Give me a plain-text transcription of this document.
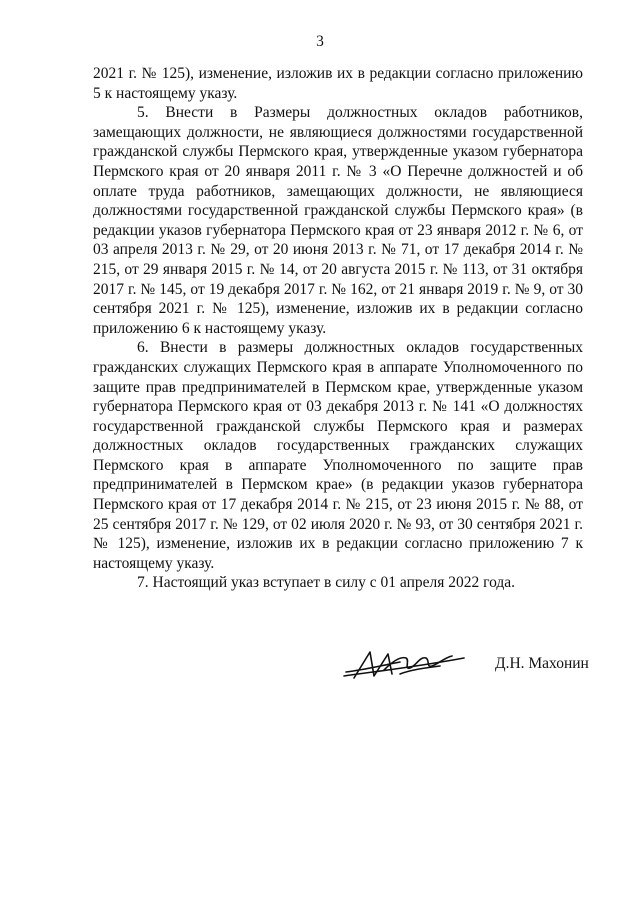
3

2021 г. № 125), изменение, изложив их в редакции согласно приложению 5 к настоящему указу.

5. Внести в Размеры должностных окладов работников, замещающих должности, не являющиеся должностями государственной гражданской службы Пермского края, утвержденные указом губернатора Пермского края от 20 января 2011 г. № 3 «О Перечне должностей и об оплате труда работников, замещающих должности, не являющиеся должностями государственной гражданской службы Пермского края» (в редакции указов губернатора Пермского края от 23 января 2012 г. № 6, от 03 апреля 2013 г. № 29, от 20 июня 2013 г. № 71, от 17 декабря 2014 г. № 215, от 29 января 2015 г. № 14, от 20 августа 2015 г. № 113, от 31 октября 2017 г. № 145, от 19 декабря 2017 г. № 162, от 21 января 2019 г. № 9, от 30 сентября 2021 г. № 125), изменение, изложив их в редакции согласно приложению 6 к настоящему указу.

6. Внести в размеры должностных окладов государственных гражданских служащих Пермского края в аппарате Уполномоченного по защите прав предпринимателей в Пермском крае, утвержденные указом губернатора Пермского края от 03 декабря 2013 г. № 141 «О должностях государственной гражданской службы Пермского края и размерах должностных окладов государственных гражданских служащих Пермского края в аппарате Уполномоченного по защите прав предпринимателей в Пермском крае» (в редакции указов губернатора Пермского края от 17 декабря 2014 г. № 215, от 23 июня 2015 г. № 88, от 25 сентября 2017 г. № 129, от 02 июля 2020 г. № 93, от 30 сентября 2021 г. № 125), изменение, изложив их в редакции согласно приложению 7 к настоящему указу.

7. Настоящий указ вступает в силу с 01 апреля 2022 года.

Д.Н. Махонин
